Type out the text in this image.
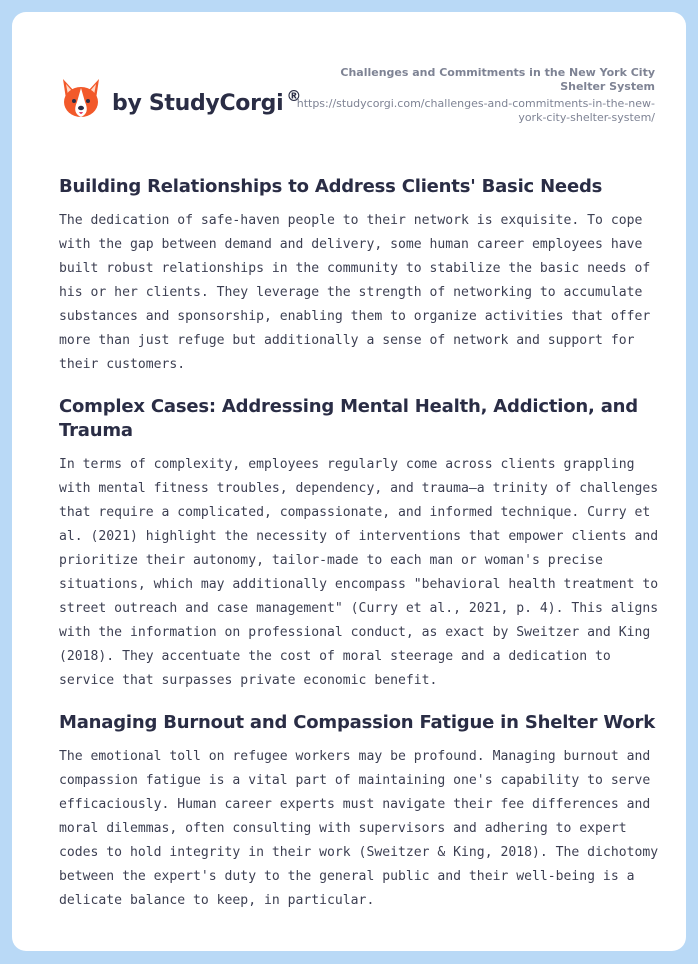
by StudyCorgi ®
Challenges and Commitments in the New York City Shelter System
https://studycorgi.com/challenges-and-commitments-in-the-new-york-city-shelter-system/
Building Relationships to Address Clients' Basic Needs

The dedication of safe-haven people to their network is exquisite. To cope with the gap between demand and delivery, some human career employees have built robust relationships in the community to stabilize the basic needs of his or her clients. They leverage the strength of networking to accumulate substances and sponsorship, enabling them to organize activities that offer more than just refuge but additionally a sense of network and support for their customers.

Complex Cases: Addressing Mental Health, Addiction, and Trauma

In terms of complexity, employees regularly come across clients grappling with mental fitness troubles, dependency, and trauma—a trinity of challenges that require a complicated, compassionate, and informed technique. Curry et al. (2021) highlight the necessity of interventions that empower clients and prioritize their autonomy, tailor-made to each man or woman's precise situations, which may additionally encompass "behavioral health treatment to street outreach and case management" (Curry et al., 2021, p. 4). This aligns with the information on professional conduct, as exact by Sweitzer and King (2018). They accentuate the cost of moral steerage and a dedication to service that surpasses private economic benefit.

Managing Burnout and Compassion Fatigue in Shelter Work

The emotional toll on refugee workers may be profound. Managing burnout and compassion fatigue is a vital part of maintaining one's capability to serve efficaciously. Human career experts must navigate their fee differences and moral dilemmas, often consulting with supervisors and adhering to expert codes to hold integrity in their work (Sweitzer & King, 2018). The dichotomy between the expert's duty to the general public and their well-being is a delicate balance to keep, in particular.
